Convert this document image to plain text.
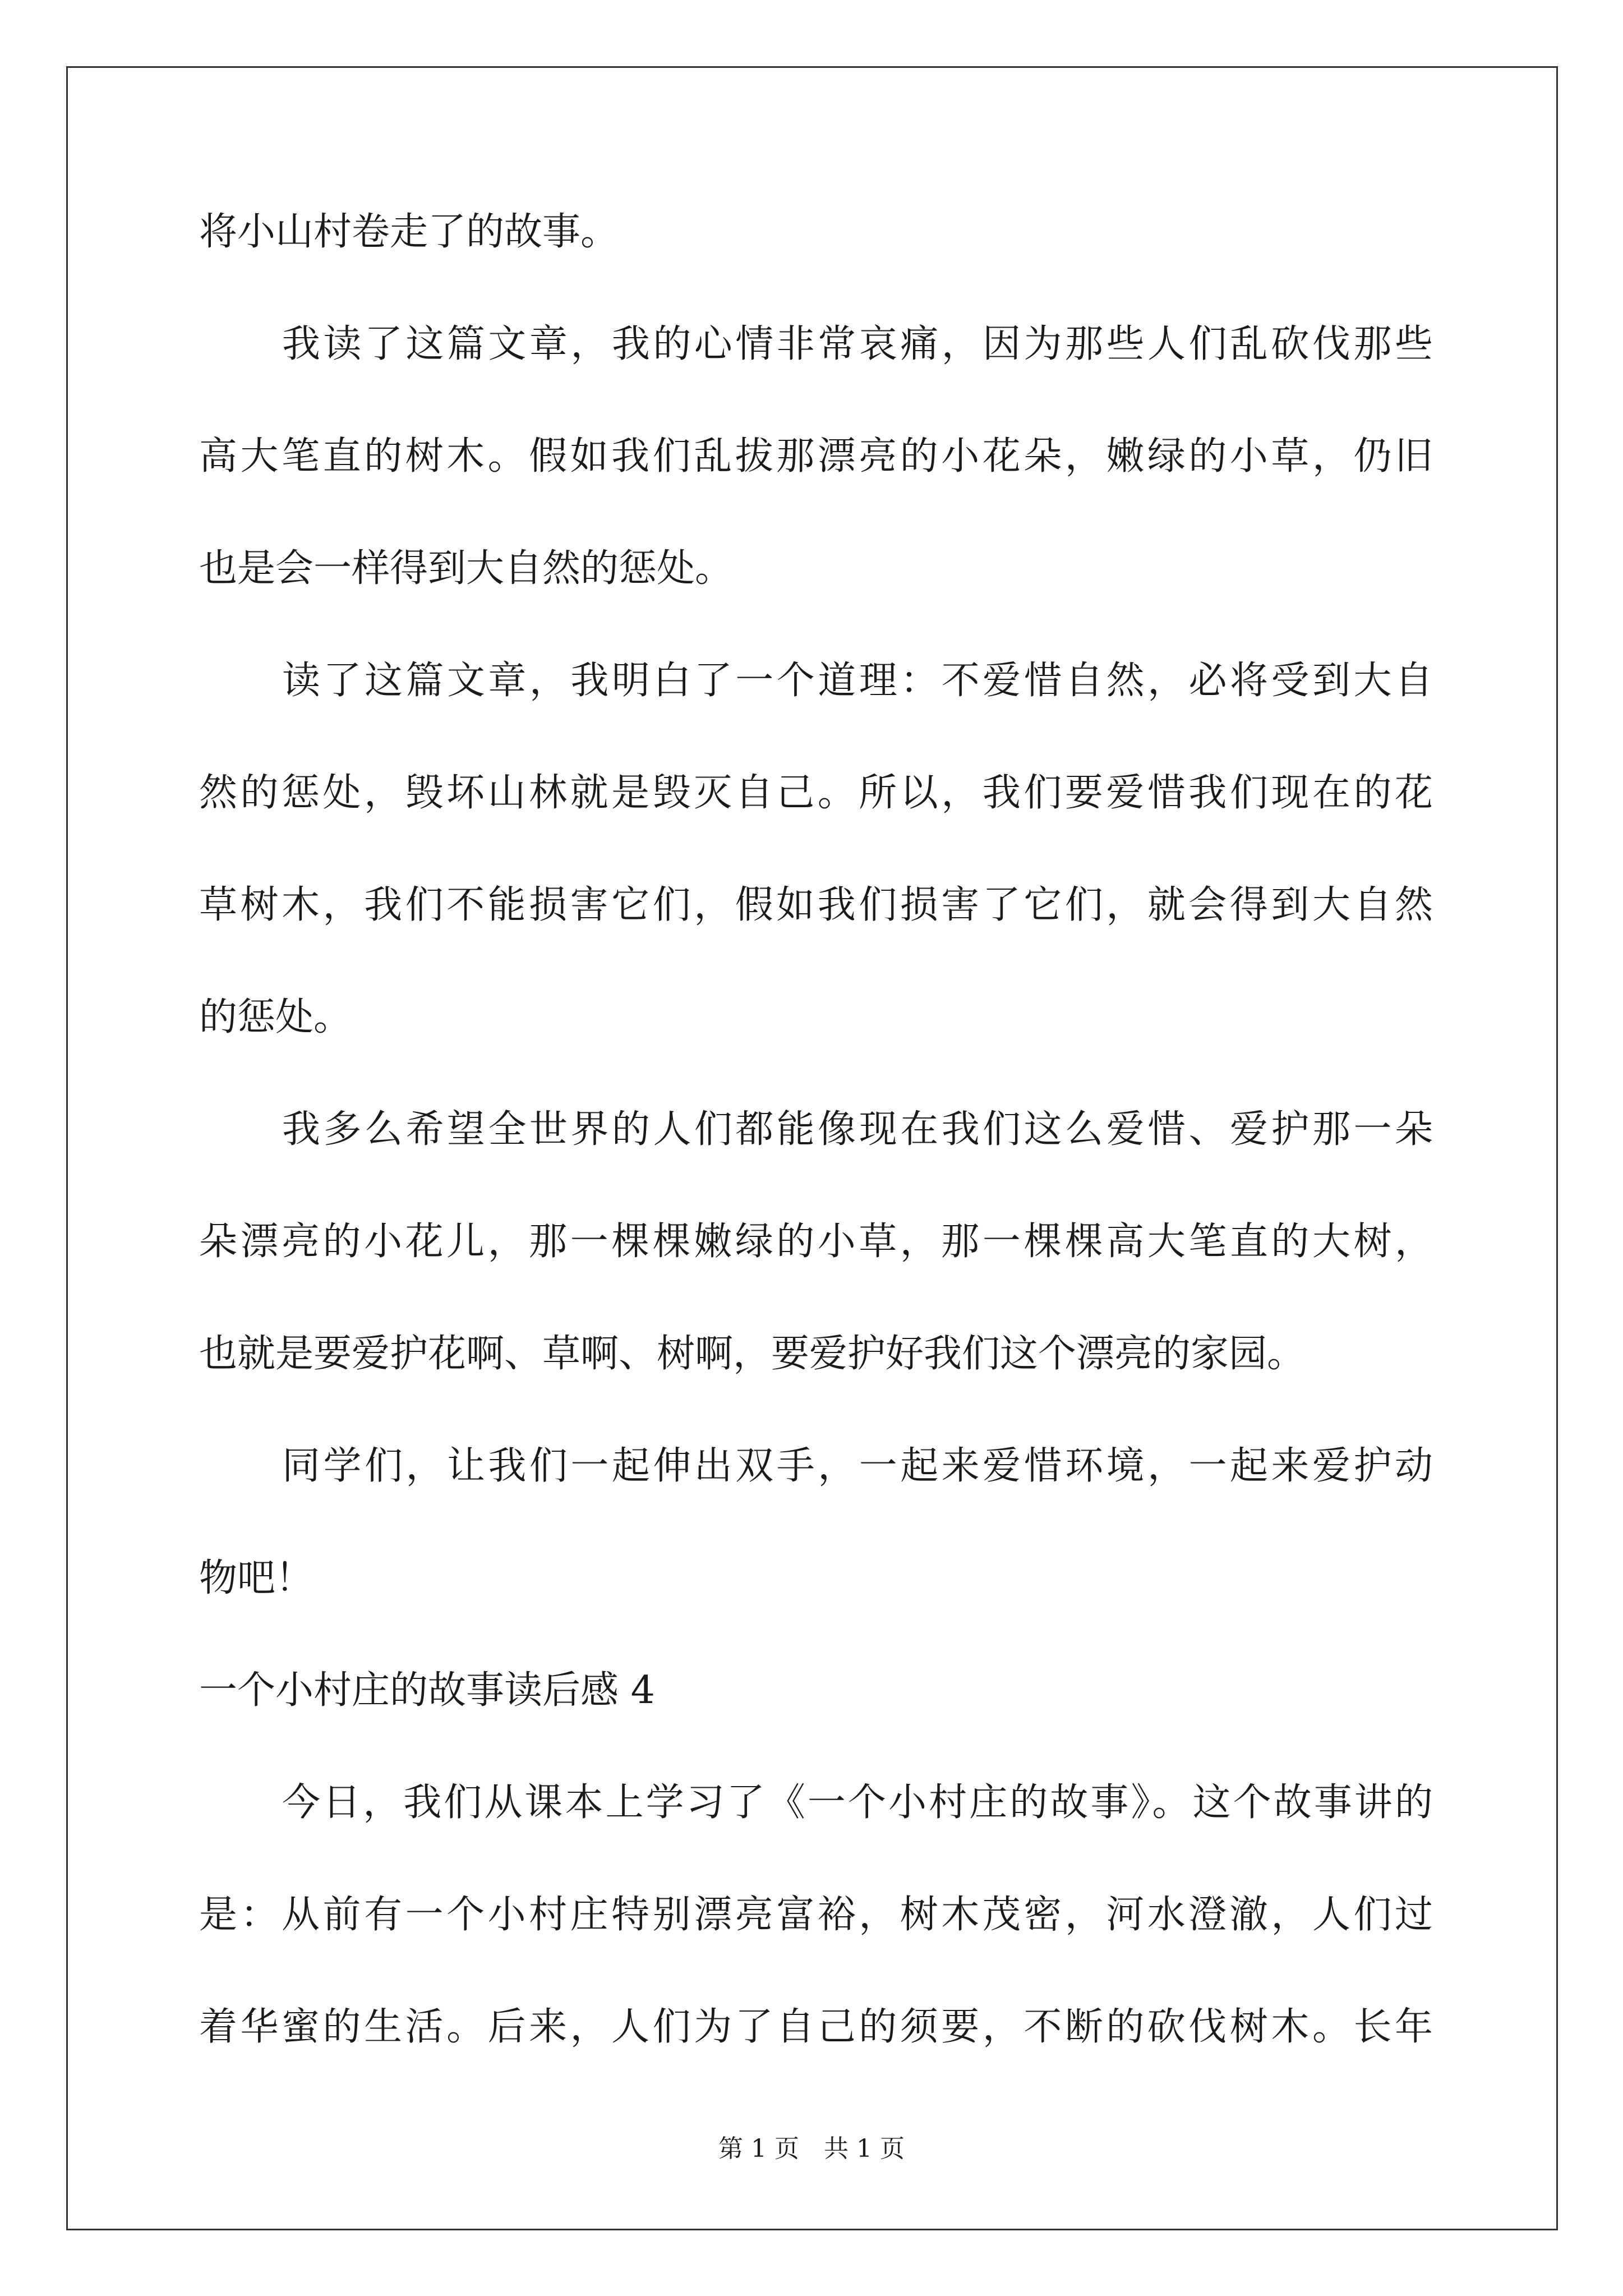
将小山村卷走了的故事。
我读了这篇文章，我的心情非常哀痛，因为那些人们乱砍伐那些
高大笔直的树木。假如我们乱拔那漂亮的小花朵，嫩绿的小草，仍旧
也是会一样得到大自然的惩处。
读了这篇文章，我明白了一个道理：不爱惜自然，必将受到大自
然的惩处，毁坏山林就是毁灭自己。所以，我们要爱惜我们现在的花
草树木，我们不能损害它们，假如我们损害了它们，就会得到大自然
的惩处。
我多么希望全世界的人们都能像现在我们这么爱惜、爱护那一朵
朵漂亮的小花儿，那一棵棵嫩绿的小草，那一棵棵高大笔直的大树，
也就是要爱护花啊、草啊、树啊，要爱护好我们这个漂亮的家园。
同学们，让我们一起伸出双手，一起来爱惜环境，一起来爱护动
物吧！
一个小村庄的故事读后感 4
今日，我们从课本上学习了《一个小村庄的故事》。这个故事讲的
是：从前有一个小村庄特别漂亮富裕，树木茂密，河水澄澈，人们过
着华蜜的生活。后来，人们为了自己的须要，不断的砍伐树木。长年
第 1 页　共 1 页
